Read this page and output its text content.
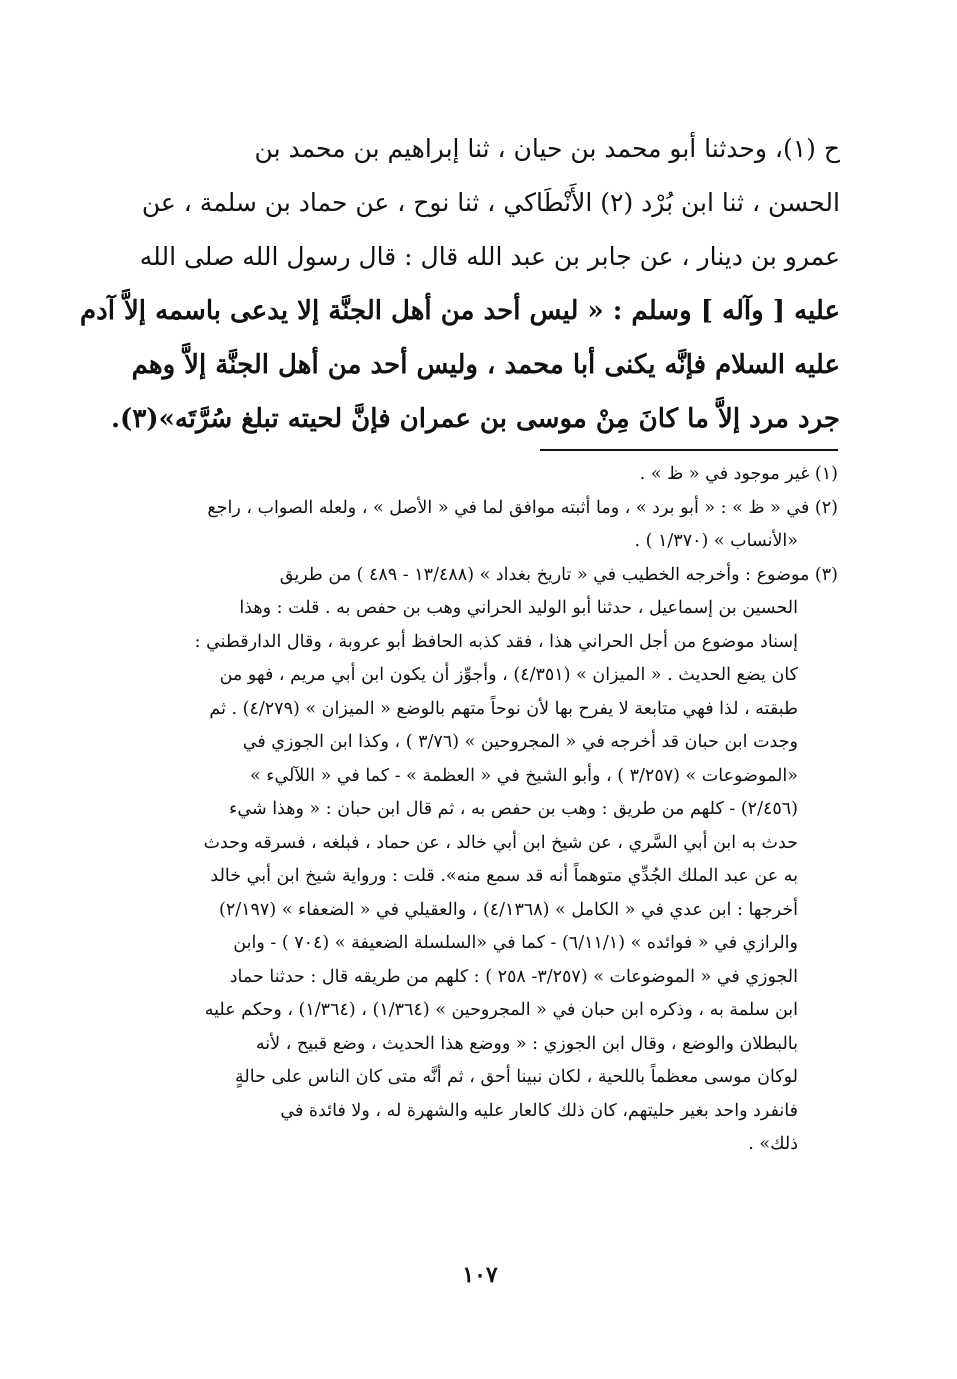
ح (١)، وحدثنا أبو محمد بن حيان ، ثنا إبراهيم بن محمد بن
الحسن ، ثنا ابن بُرْد (٢) الأَنْطَاكي ، ثنا نوح ، عن حماد بن سلمة ، عن
عمرو بن دينار ، عن جابر بن عبد الله قال : قال رسول الله صلى الله
عليه [ وآله ] وسلم : « ليس أحد من أهل الجنَّة إلا يدعى باسمه إلاَّ آدم
عليه السلام فإنَّه يكنى أبا محمد ، وليس أحد من أهل الجنَّة إلاَّ وهم
جرد مرد إلاَّ ما كانَ مِنْ موسى بن عمران فإنَّ لحيته تبلغ سُرَّتَه»(٣).
(١) غير موجود في « ظ » .
(٢) في « ظ » : « أبو برد » ، وما أثبته موافق لما في « الأصل » ، ولعله الصواب ، راجع
«الأنساب » (١/٣٧٠ ) .
(٣) موضوع : وأخرجه الخطيب في « تاريخ بغداد » (١٣/٤٨٨ - ٤٨٩ ) من طريق
الحسين بن إسماعيل ، حدثنا أبو الوليد الحراني وهب بن حفص به . قلت : وهذا
إسناد موضوع من أجل الحراني هذا ، فقد كذبه الحافظ أبو عروبة ، وقال الدارقطني :
كان يضع الحديث . « الميزان » (٤/٣٥١) ، وأجوِّز أن يكون ابن أبي مريم ، فهو من
طبقته ، لذا فهي متابعة لا يفرح بها لأن نوحاً متهم بالوضع « الميزان » (٤/٢٧٩) . ثم
وجدت ابن حبان قد أخرجه في « المجروحين » (٣/٧٦ ) ، وكذا ابن الجوزي في
«الموضوعات » (٣/٢٥٧ ) ، وأبو الشيخ في « العظمة » - كما في « اللآليء »
(٢/٤٥٦) - كلهم من طريق : وهب بن حفص به ، ثم قال ابن حبان : « وهذا شيء
حدث به ابن أبي السَّري ، عن شيخ ابن أبي خالد ، عن حماد ، فبلغه ، فسرقه وحدث
به عن عبد الملك الجُدِّي متوهماً أنه قد سمع منه». قلت : ورواية شيخ ابن أبي خالد
أخرجها : ابن عدي في « الكامل » (٤/١٣٦٨) ، والعقيلي في « الضعفاء » (٢/١٩٧)
والرازي في « فوائده » (٦/١١/١) - كما في «السلسلة الضعيفة » (٧٠٤ ) - وابن
الجوزي في « الموضوعات » (٣/٢٥٧- ٢٥٨ ) : كلهم من طريقه قال : حدثنا حماد
ابن سلمة به ، وذكره ابن حبان في « المجروحين » (١/٣٦٤) ، (١/٣٦٤) ، وحكم عليه
بالبطلان والوضع ، وقال ابن الجوزي : « ووضع هذا الحديث ، وضع قبيح ، لأنه
لوكان موسى معظماً باللحية ، لكان نبينا أحق ، ثم أنَّه متى كان الناس على حالةٍ
فانفرد واحد بغير حليتهم، كان ذلك كالعار عليه والشهرة له ، ولا فائدة في
ذلك» .
١٠٧
